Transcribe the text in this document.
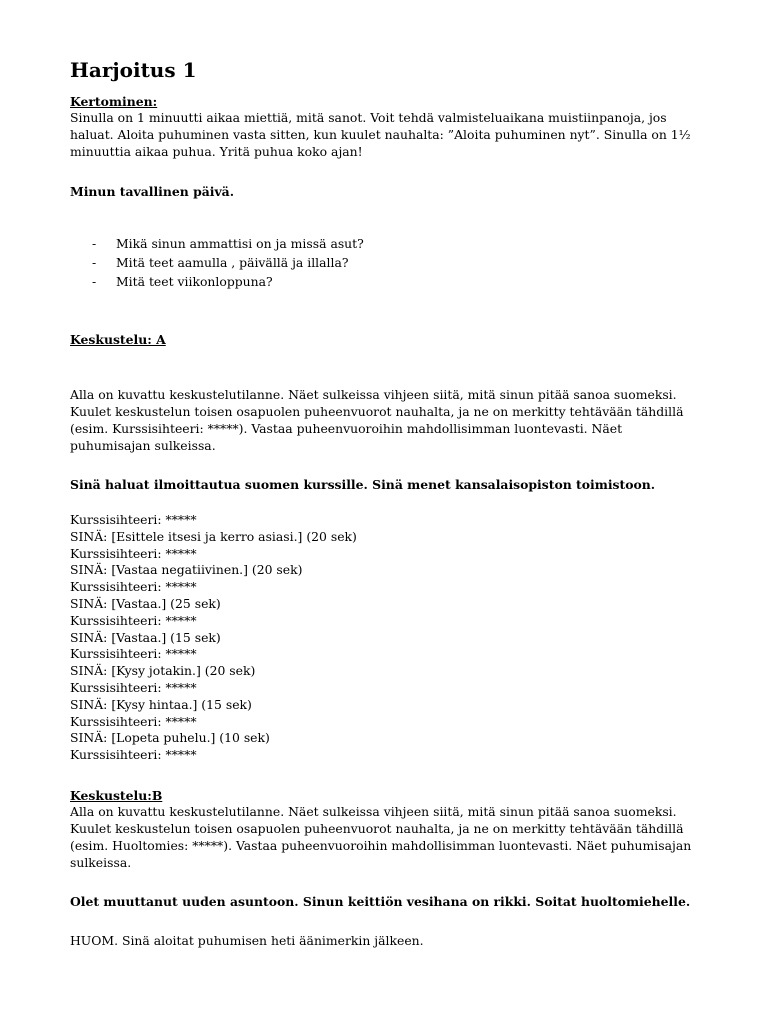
Harjoitus 1
Kertominen:
Sinulla on 1 minuutti aikaa miettiä, mitä sanot. Voit tehdä valmisteluaikana muistiinpanoja, jos
haluat. Aloita puhuminen vasta sitten, kun kuulet nauhalta: ”Aloita puhuminen nyt”. Sinulla on 1½
minuuttia aikaa puhua. Yritä puhua koko ajan!
Minun tavallinen päivä.
- Mikä sinun ammattisi on ja missä asut?
- Mitä teet aamulla , päivällä ja illalla?
- Mitä teet viikonloppuna?
Keskustelu: A
Alla on kuvattu keskustelutilanne. Näet sulkeissa vihjeen siitä, mitä sinun pitää sanoa suomeksi.
Kuulet keskustelun toisen osapuolen puheenvuorot nauhalta, ja ne on merkitty tehtävään tähdillä
(esim. Kurssisihteeri: *****). Vastaa puheenvuoroihin mahdollisimman luontevasti. Näet
puhumisajan sulkeissa.
Sinä haluat ilmoittautua suomen kurssille. Sinä menet kansalaisopiston toimistoon.
Kurssisihteeri: *****
SINÄ: [Esittele itsesi ja kerro asiasi.] (20 sek)
Kurssisihteeri: *****
SINÄ: [Vastaa negatiivinen.] (20 sek)
Kurssisihteeri: *****
SINÄ: [Vastaa.] (25 sek)
Kurssisihteeri: *****
SINÄ: [Vastaa.] (15 sek)
Kurssisihteeri: *****
SINÄ: [Kysy jotakin.] (20 sek)
Kurssisihteeri: *****
SINÄ: [Kysy hintaa.] (15 sek)
Kurssisihteeri: *****
SINÄ: [Lopeta puhelu.] (10 sek)
Kurssisihteeri: *****
Keskustelu:B
Alla on kuvattu keskustelutilanne. Näet sulkeissa vihjeen siitä, mitä sinun pitää sanoa suomeksi.
Kuulet keskustelun toisen osapuolen puheenvuorot nauhalta, ja ne on merkitty tehtävään tähdillä
(esim. Huoltomies: *****). Vastaa puheenvuoroihin mahdollisimman luontevasti. Näet puhumisajan
sulkeissa.
Olet muuttanut uuden asuntoon. Sinun keittiön vesihana on rikki. Soitat huoltomiehelle.
HUOM. Sinä aloitat puhumisen heti äänimerkin jälkeen.
